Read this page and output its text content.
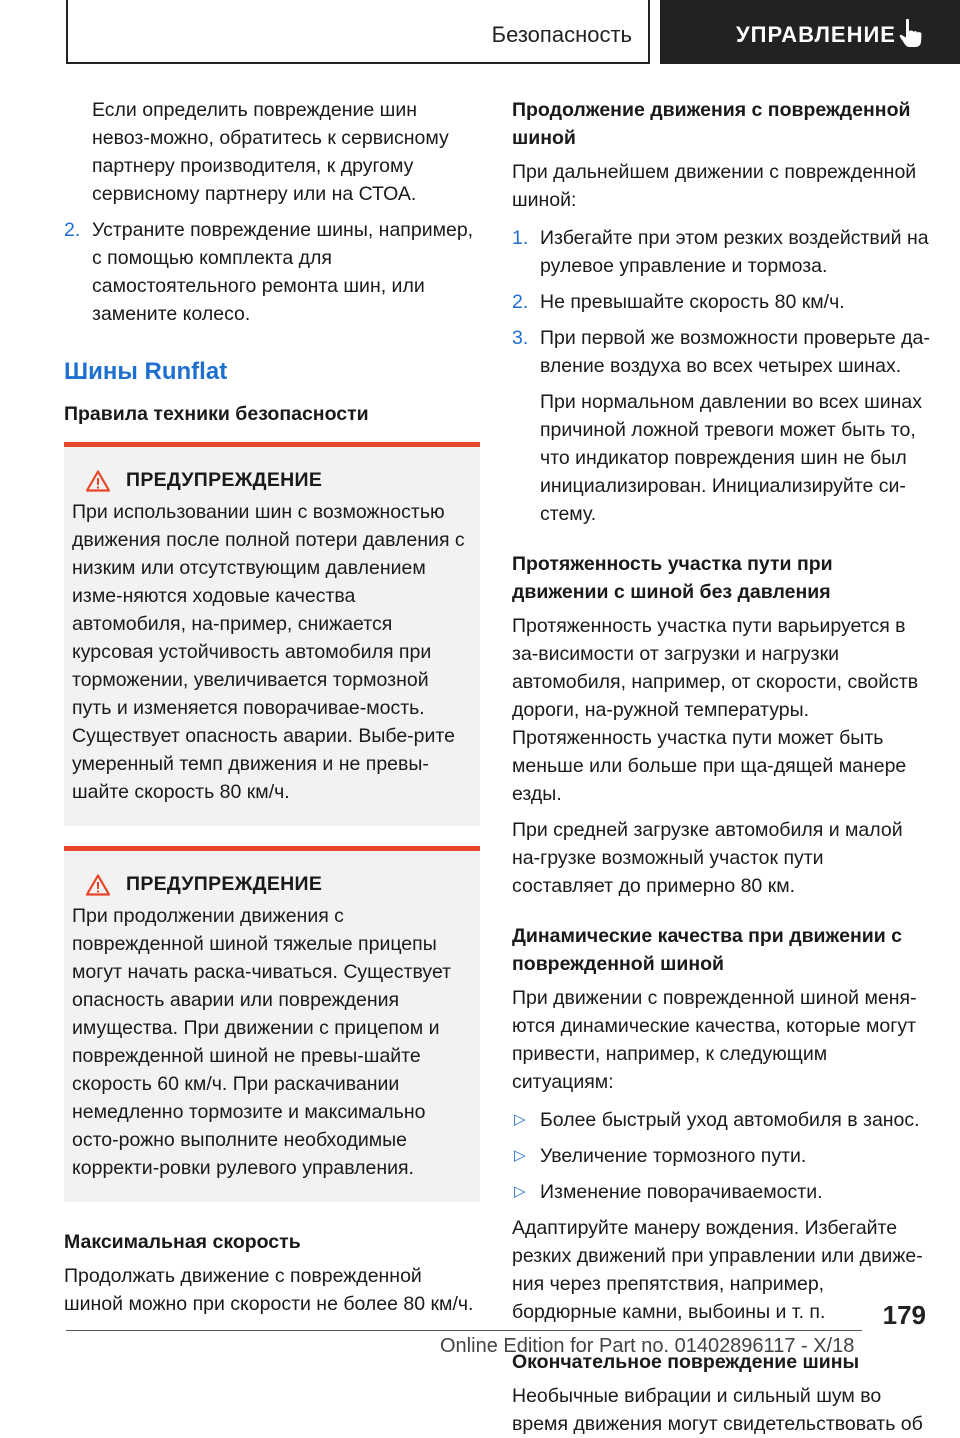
Безопасность	УПРАВЛЕНИЕ

Если определить повреждение шин невоз-можно, обратитесь к сервисному партнеру производителя, к другому сервисному партнеру или на СТОА.

2. Устраните повреждение шины, например, с помощью комплекта для самостоятельного ремонта шин, или замените колесо.
Шины Runflat
Правила техники безопасности
ПРЕДУПРЕЖДЕНИЕ

При использовании шин с возможностью движения после полной потери давления с низким или отсутствующим давлением изме-няются ходовые качества автомобиля, на-пример, снижается курсовая устойчивость автомобиля при торможении, увеличивается тормозной путь и изменяется поворачивае-мость. Существует опасность аварии. Выбе-рите умеренный темп движения и не превы-шайте скорость 80 км/ч.

ПРЕДУПРЕЖДЕНИЕ

При продолжении движения с поврежденной шиной тяжелые прицепы могут начать раска-чиваться. Существует опасность аварии или повреждения имущества. При движении с прицепом и поврежденной шиной не превы-шайте скорость 60 км/ч. При раскачивании немедленно тормозите и максимально осто-рожно выполните необходимые корректи-ровки рулевого управления.

Максимальная скорость

Продолжать движение с поврежденной шиной можно при скорости не более 80 км/ч.

Продолжение движения с поврежденной шиной

При дальнейшем движении с поврежденной шиной:

1. Избегайте при этом резких воздействий на рулевое управление и тормоза.
2. Не превышайте скорость 80 км/ч.
3. При первой же возможности проверьте да-вление воздуха во всех четырех шинах.

При нормальном давлении во всех шинах причиной ложной тревоги может быть то, что индикатор повреждения шин не был инициализирован. Инициализируйте си-стему.

Протяженность участка пути при движении с шиной без давления

Протяженность участка пути варьируется в за-висимости от загрузки и нагрузки автомобиля, например, от скорости, свойств дороги, на-ружной температуры. Протяженность участка пути может быть меньше или больше при ща-дящей манере езды.

При средней загрузке автомобиля и малой на-грузке возможный участок пути составляет до примерно 80 км.

Динамические качества при движении с поврежденной шиной

При движении с поврежденной шиной меня-ются динамические качества, которые могут привести, например, к следующим ситуациям:

▷ Более быстрый уход автомобиля в занос.
▷ Увеличение тормозного пути.
▷ Изменение поворачиваемости.

Адаптируйте манеру вождения. Избегайте резких движений при управлении или движе-ния через препятствия, например, бордюрные камни, выбоины и т. п.

Окончательное повреждение шины

Необычные вибрации и сильный шум во время движения могут свидетельствовать об

179
Online Edition for Part no. 01402896117 - X/18
